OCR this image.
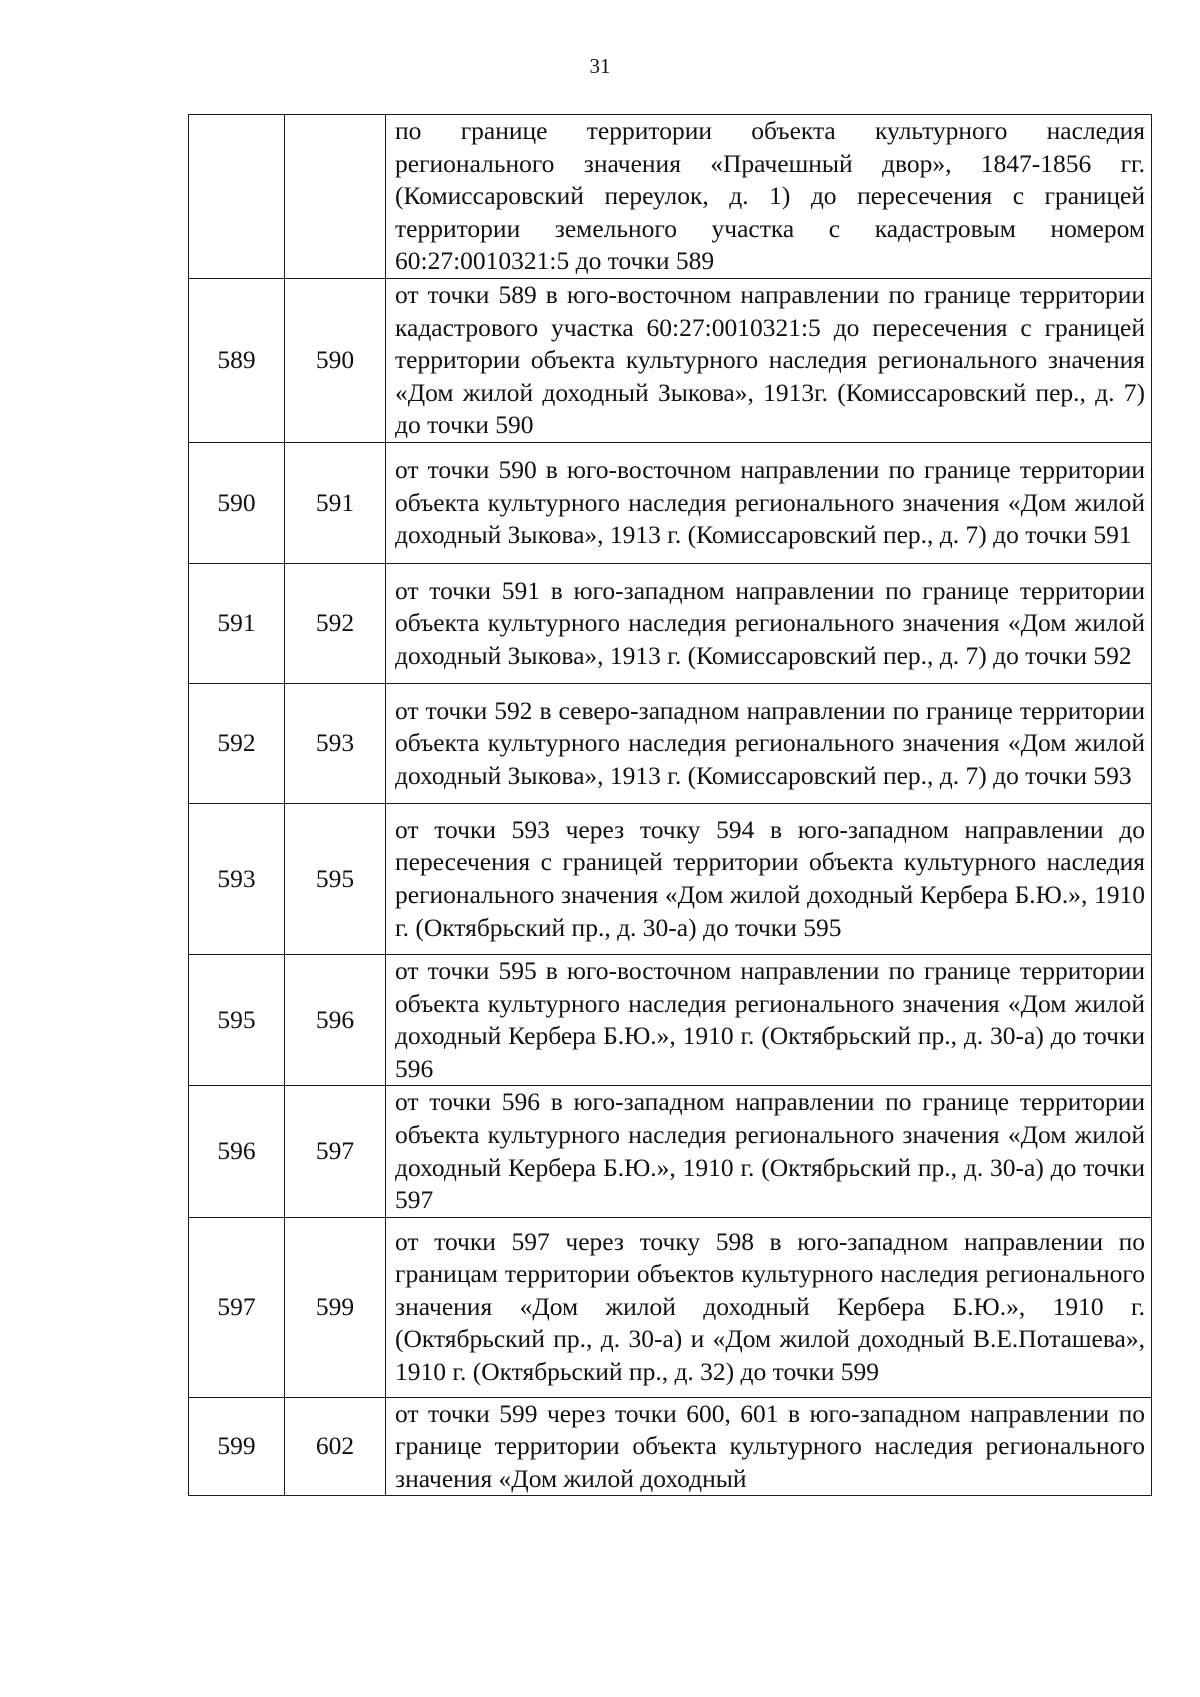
31
		по границе территории объекта культурного наследия регионального значения «Прачешный двор», 1847-1856 гг. (Комиссаровский переулок, д. 1) до пересечения с границей территории земельного участка с кадастровым номером 60:27:0010321:5 до точки 589
589	590	от точки 589 в юго-восточном направлении по границе территории кадастрового участка 60:27:0010321:5 до пересечения с границей территории объекта культурного наследия регионального значения «Дом жилой доходный Зыкова», 1913г. (Комиссаровский пер., д. 7) до точки 590
590	591	от точки 590 в юго-восточном направлении по границе территории объекта культурного наследия регионального значения «Дом жилой доходный Зыкова», 1913 г. (Комиссаровский пер., д. 7) до точки 591
591	592	от точки 591 в юго-западном направлении по границе территории объекта культурного наследия регионального значения «Дом жилой доходный Зыкова», 1913 г. (Комиссаровский пер., д. 7) до точки 592
592	593	от точки 592 в северо-западном направлении по границе территории объекта культурного наследия регионального значения «Дом жилой доходный Зыкова», 1913 г. (Комиссаровский пер., д. 7) до точки 593
593	595	от точки 593 через точку 594 в юго-западном направлении до пересечения с границей территории объекта культурного наследия регионального значения «Дом жилой доходный Кербера Б.Ю.», 1910 г. (Октябрьский пр., д. 30-а) до точки 595
595	596	от точки 595 в юго-восточном направлении по границе территории объекта культурного наследия регионального значения «Дом жилой доходный Кербера Б.Ю.», 1910 г. (Октябрьский пр., д. 30-а) до точки 596
596	597	от точки 596 в юго-западном направлении по границе территории объекта культурного наследия регионального значения «Дом жилой доходный Кербера Б.Ю.», 1910 г. (Октябрьский пр., д. 30-а) до точки 597
597	599	от точки 597 через точку 598 в юго-западном направлении по границам территории объектов культурного наследия регионального значения «Дом жилой доходный Кербера Б.Ю.», 1910 г. (Октябрьский пр., д. 30-а) и «Дом жилой доходный В.Е.Поташева», 1910 г. (Октябрьский пр., д. 32) до точки 599
599	602	от точки 599 через точки 600, 601 в юго-западном направлении по границе территории объекта культурного наследия регионального значения «Дом жилой доходный
